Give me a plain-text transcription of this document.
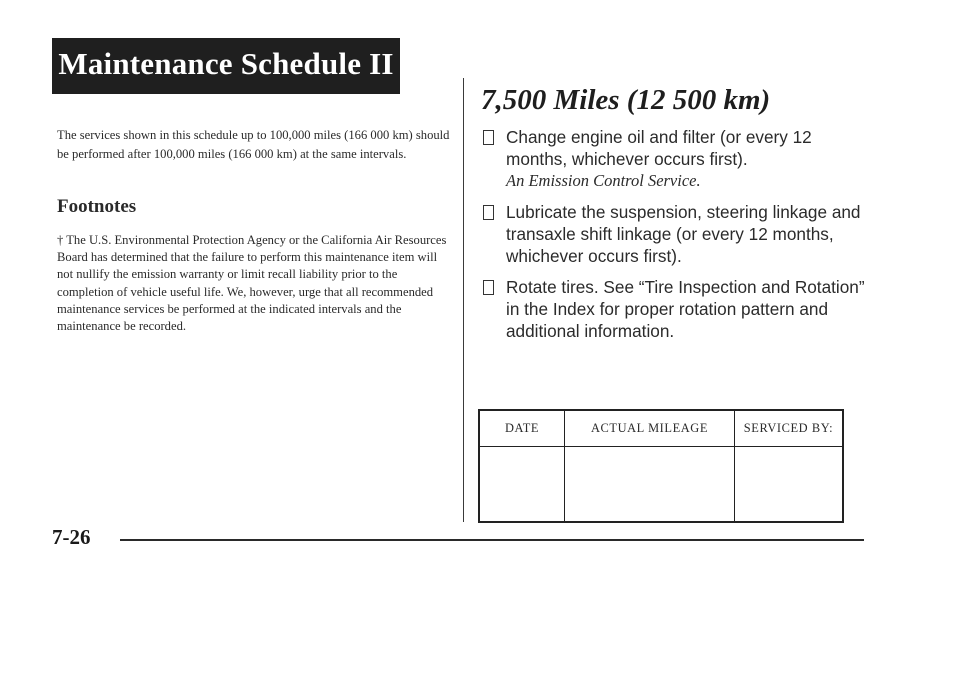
Maintenance Schedule II
The services shown in this schedule up to 100,000 miles (166 000 km) should be performed after 100,000 miles (166 000 km) at the same intervals.
Footnotes
† The U.S. Environmental Protection Agency or the California Air Resources Board has determined that the failure to perform this maintenance item will not nullify the emission warranty or limit recall liability prior to the completion of vehicle useful life. We, however, urge that all recommended maintenance services be performed at the indicated intervals and the maintenance be recorded.
7,500 Miles (12 500 km)
Change engine oil and filter (or every 12 months, whichever occurs first).
An Emission Control Service.
Lubricate the suspension, steering linkage and transaxle shift linkage (or every 12 months, whichever occurs first).
Rotate tires. See “Tire Inspection and Rotation” in the Index for proper rotation pattern and additional information.
DATE	ACTUAL MILEAGE	SERVICED BY:
7-26
